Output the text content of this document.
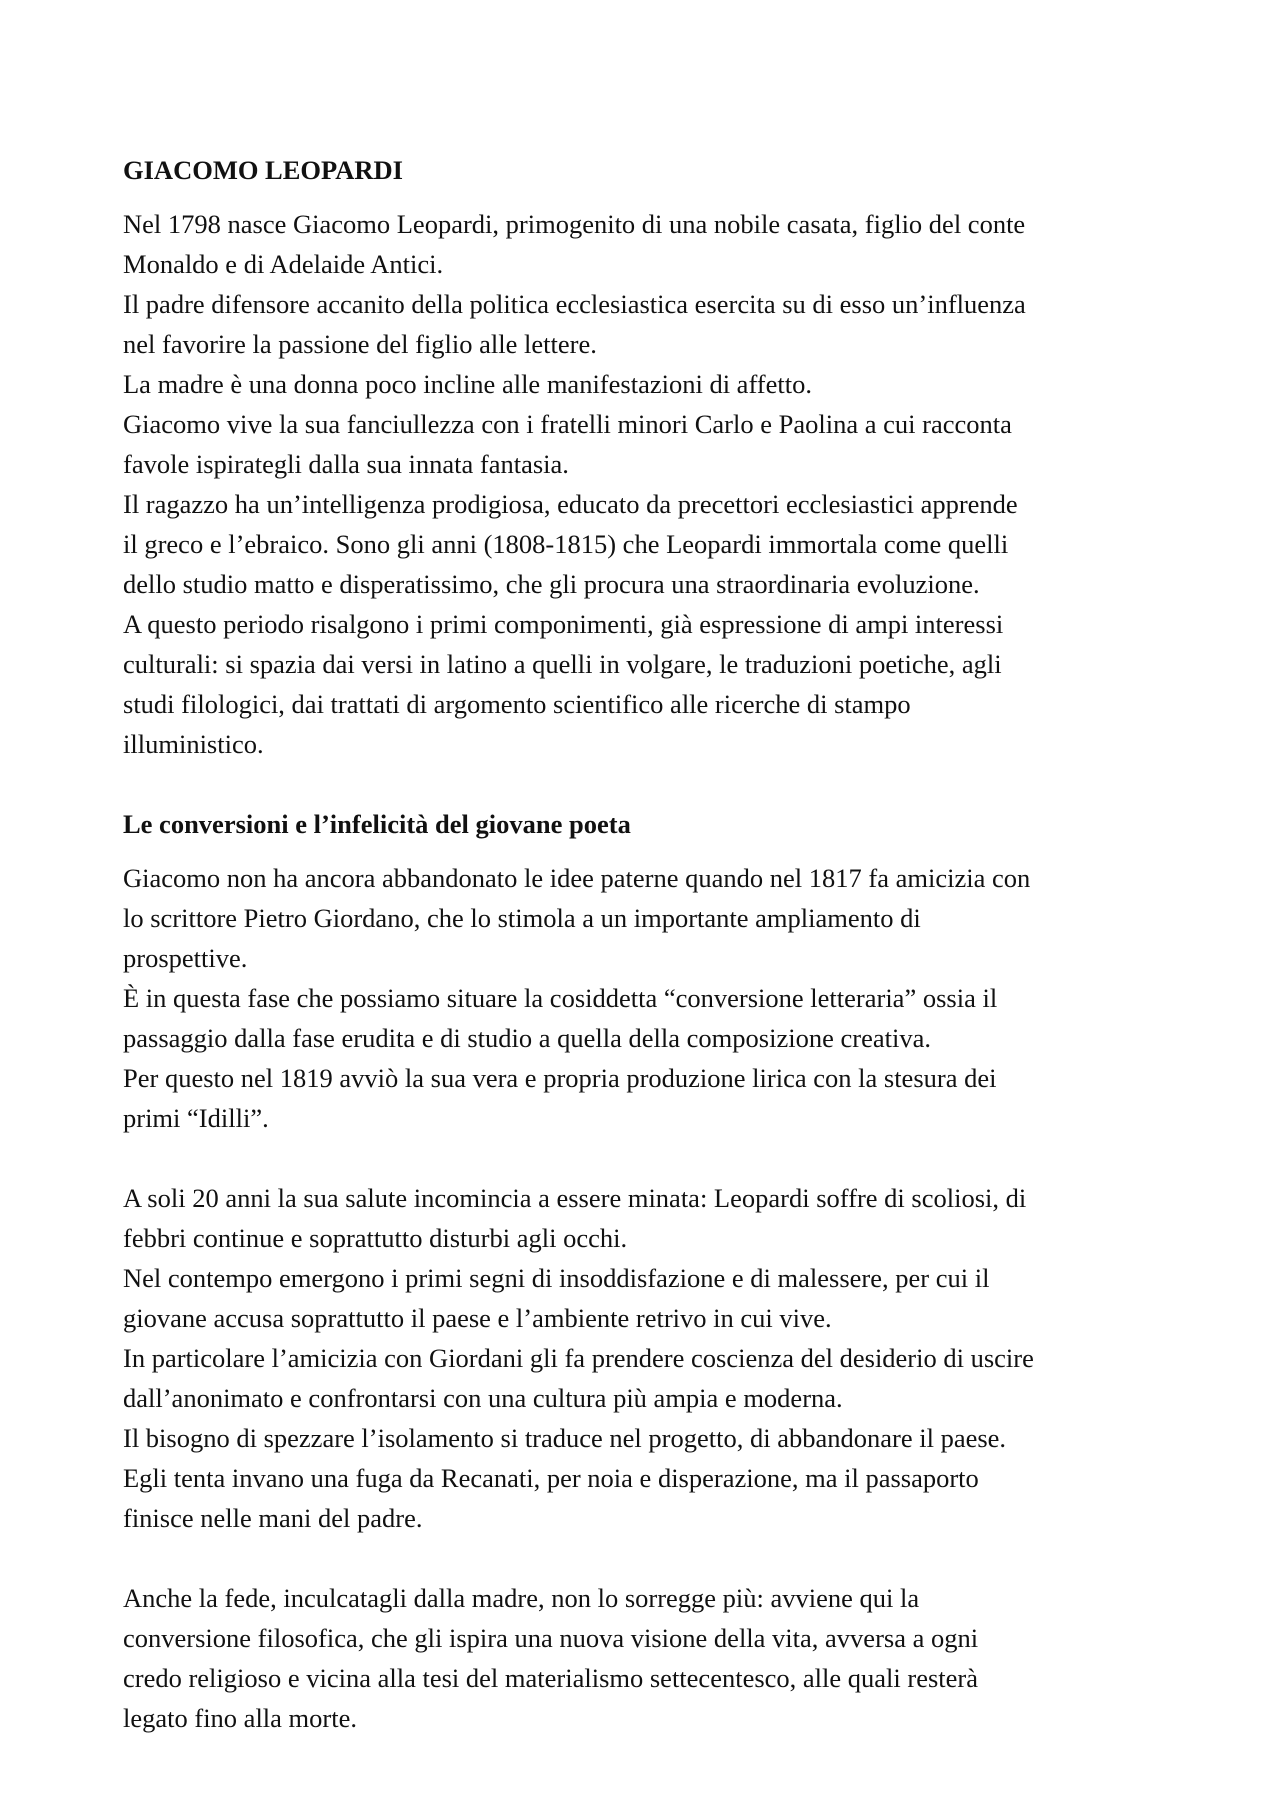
GIACOMO LEOPARDI
Nel 1798 nasce Giacomo Leopardi, primogenito di una nobile casata, figlio del conte
Monaldo e di Adelaide Antici.
Il padre difensore accanito della politica ecclesiastica esercita su di esso un’influenza
nel favorire la passione del figlio alle lettere.
La madre è una donna poco incline alle manifestazioni di affetto.
Giacomo vive la sua fanciullezza con i fratelli minori Carlo e Paolina a cui racconta
favole ispirategli dalla sua innata fantasia.
Il ragazzo ha un’intelligenza prodigiosa, educato da precettori ecclesiastici apprende
il greco e l’ebraico. Sono gli anni (1808-1815) che Leopardi immortala come quelli
dello studio matto e disperatissimo, che gli procura una straordinaria evoluzione.
A questo periodo risalgono i primi componimenti, già espressione di ampi interessi
culturali: si spazia dai versi in latino a quelli in volgare, le traduzioni poetiche, agli
studi filologici, dai trattati di argomento scientifico alle ricerche di stampo
illuministico.
Le conversioni e l’infelicità del giovane poeta
Giacomo non ha ancora abbandonato le idee paterne quando nel 1817 fa amicizia con
lo scrittore Pietro Giordano, che lo stimola a un importante ampliamento di
prospettive.
È in questa fase che possiamo situare la cosiddetta “conversione letteraria” ossia il
passaggio dalla fase erudita e di studio a quella della composizione creativa.
Per questo nel 1819 avviò la sua vera e propria produzione lirica con la stesura dei
primi “Idilli”.
A soli 20 anni la sua salute incomincia a essere minata: Leopardi soffre di scoliosi, di
febbri continue e soprattutto disturbi agli occhi.
Nel contempo emergono i primi segni di insoddisfazione e di malessere, per cui il
giovane accusa soprattutto il paese e l’ambiente retrivo in cui vive.
In particolare l’amicizia con Giordani gli fa prendere coscienza del desiderio di uscire
dall’anonimato e confrontarsi con una cultura più ampia e moderna.
Il bisogno di spezzare l’isolamento si traduce nel progetto, di abbandonare il paese.
Egli tenta invano una fuga da Recanati, per noia e disperazione, ma il passaporto
finisce nelle mani del padre.
Anche la fede, inculcatagli dalla madre, non lo sorregge più: avviene qui la
conversione filosofica, che gli ispira una nuova visione della vita, avversa a ogni
credo religioso e vicina alla tesi del materialismo settecentesco, alle quali resterà
legato fino alla morte.
